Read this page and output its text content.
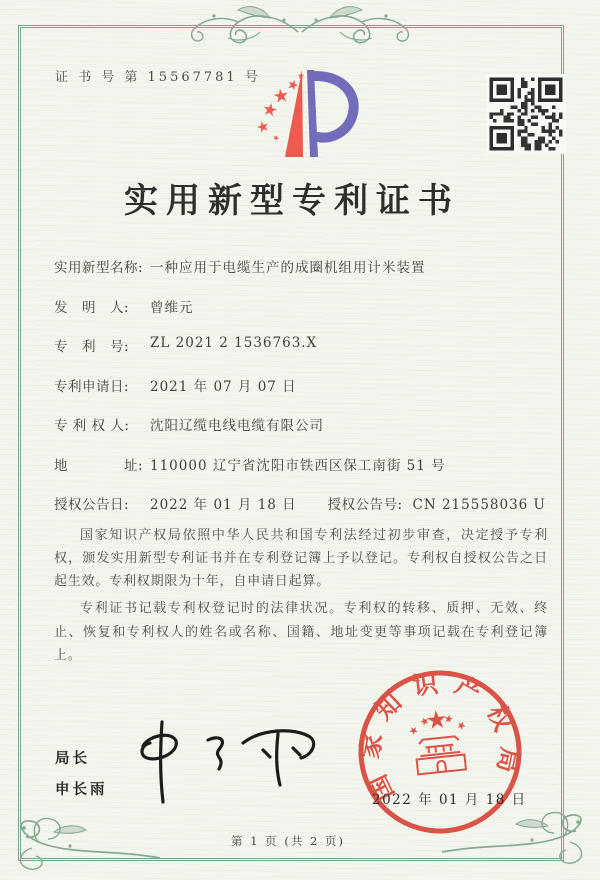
证 书 号 第 15567781 号
实用新型专利证书
实用新型名称: 一种应用于电缆生产的成圈机组用计米装置
发　明　人: 曾维元
专　利　号: ZL 2021 2 1536763.X
专利申请日: 2021 年 07 月 07 日
专 利 权 人: 沈阳辽缆电线电缆有限公司
地　　　　址: 110000 辽宁省沈阳市铁西区保工南街 51 号
授权公告日: 2022 年 01 月 18 日 授权公告号: CN 215558036 U

国家知识产权局依照中华人民共和国专利法经过初步审查，决定授予专利权，颁发实用新型专利证书并在专利登记簿上予以登记。专利权自授权公告之日起生效。专利权期限为十年，自申请日起算。

专利证书记载专利权登记时的法律状况。专利权的转移、质押、无效、终止、恢复和专利权人的姓名或名称、国籍、地址变更等事项记载在专利登记簿上。

局长
申长雨	国家知识产权局
2022 年 01 月 18 日
第 1 页 (共 2 页)
